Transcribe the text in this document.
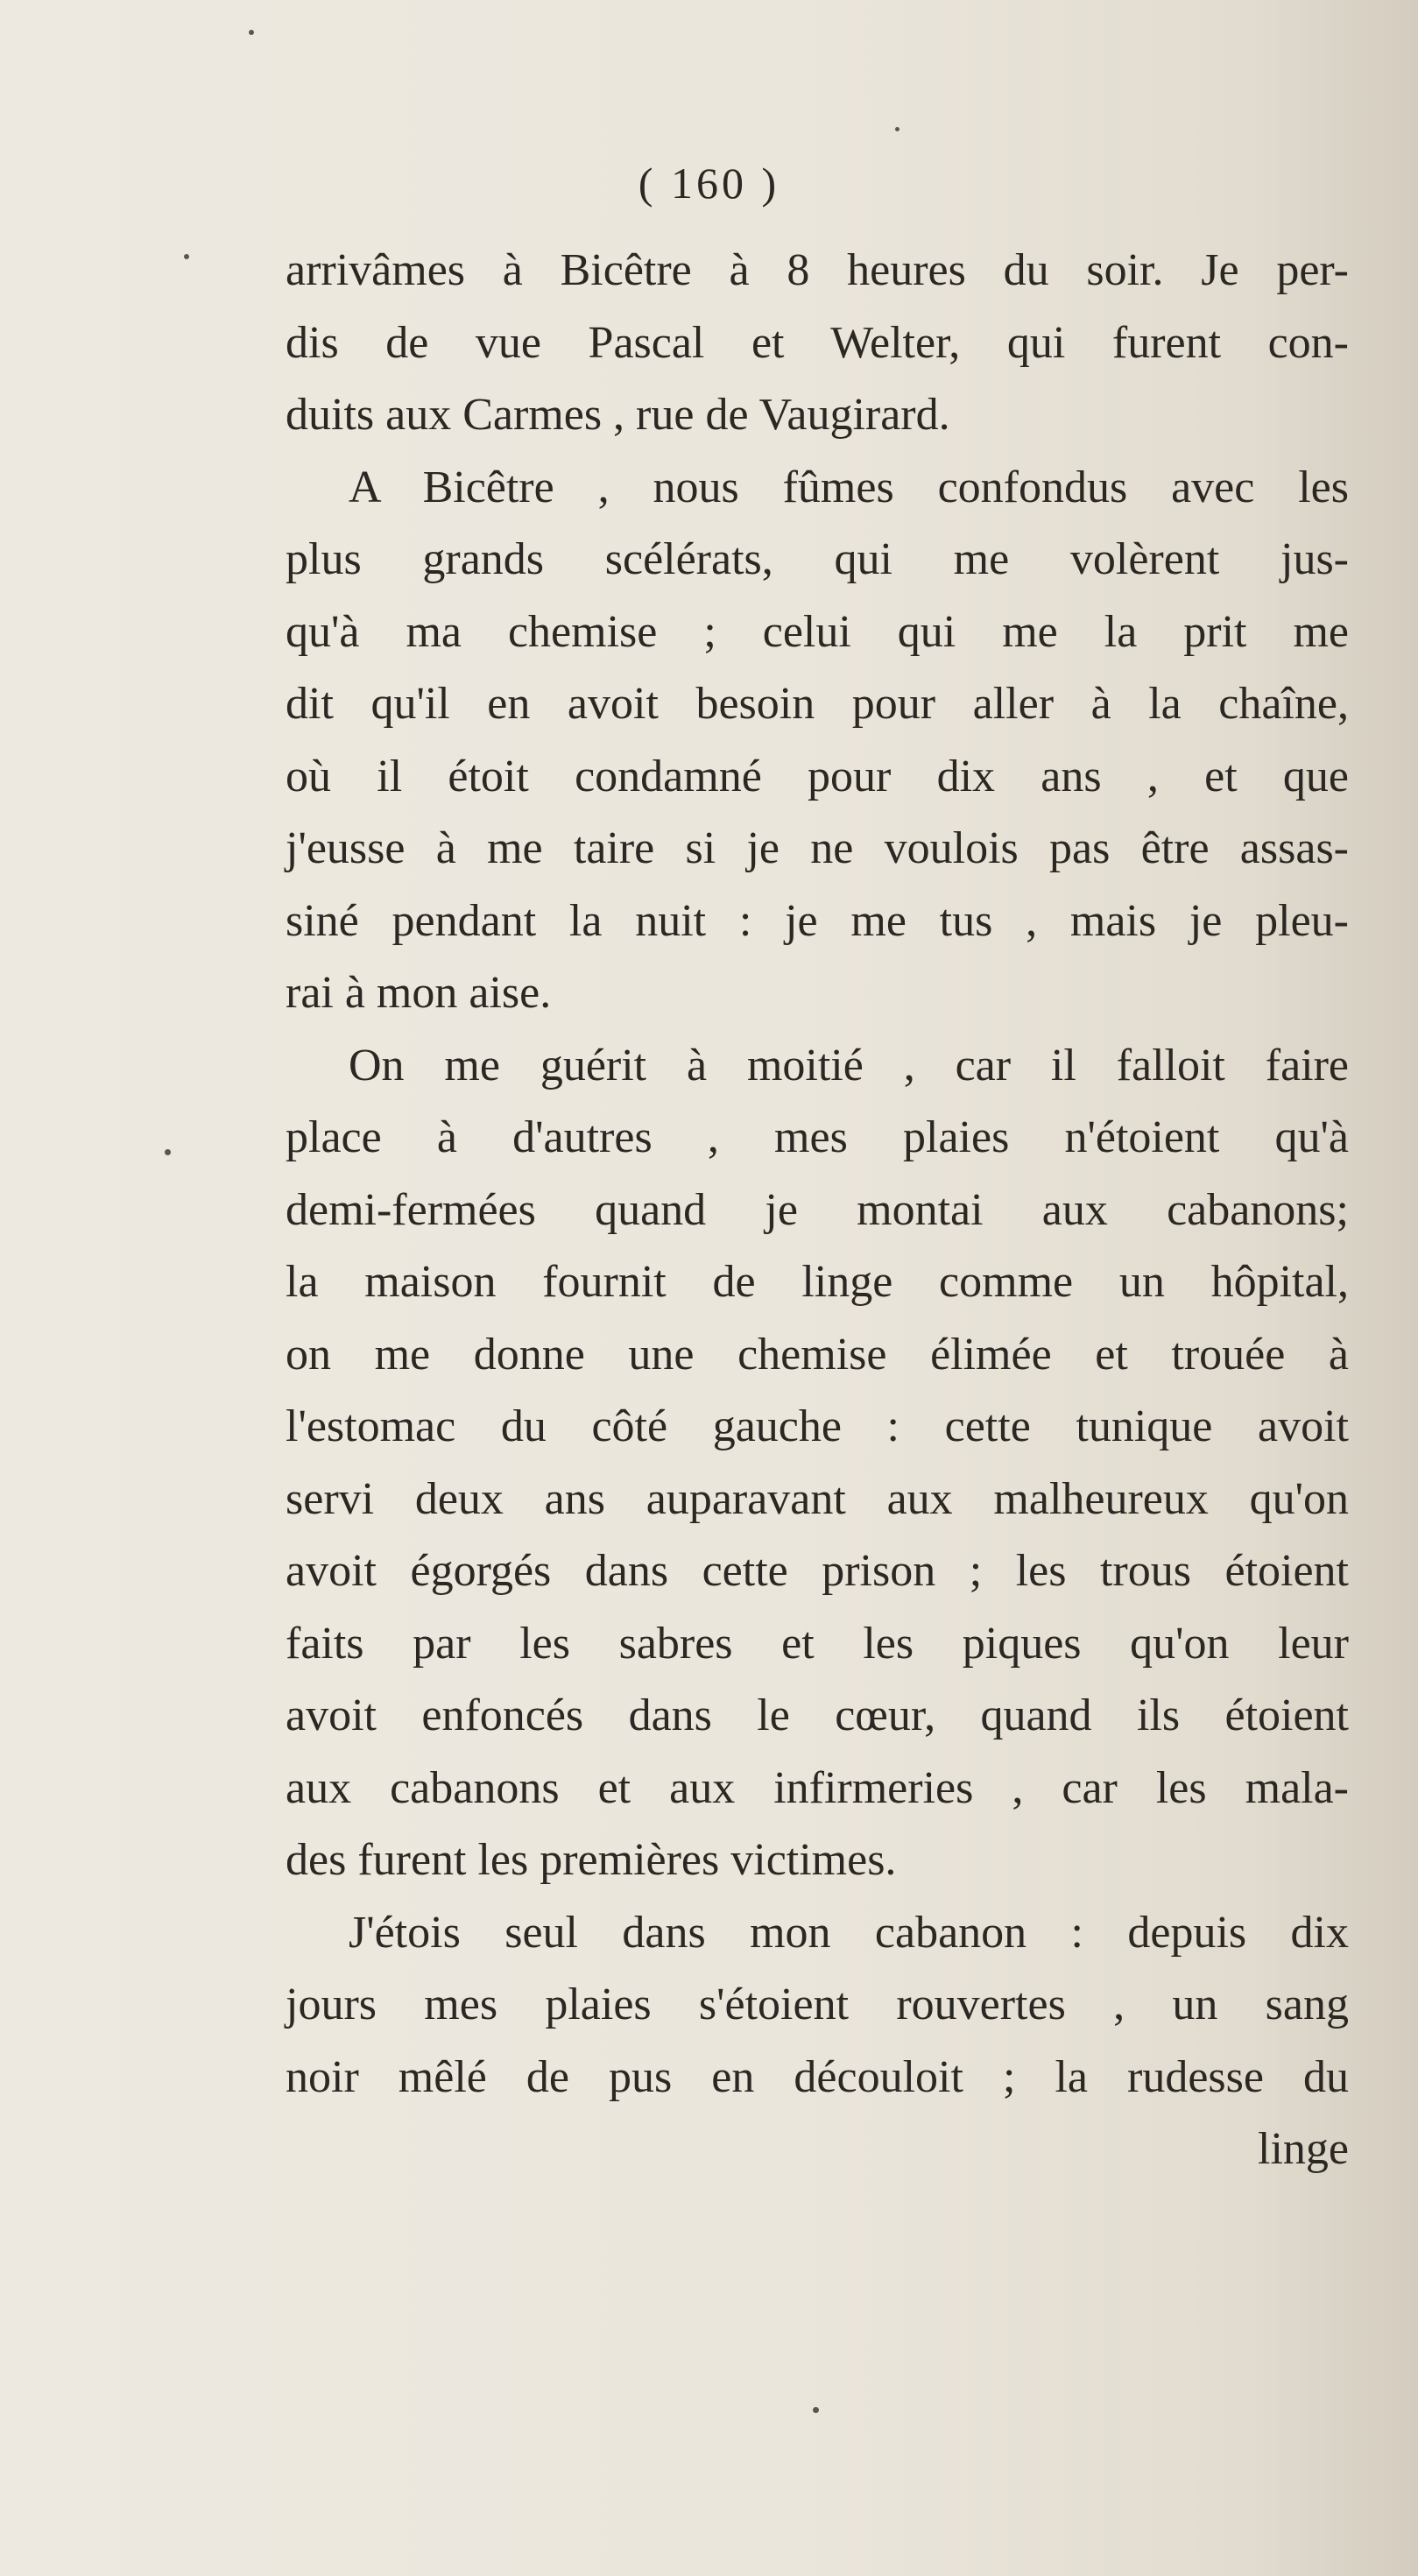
( 160 )
arrivâmes à Bicêtre à 8 heures du soir. Je per-
dis de vue Pascal et Welter, qui furent con-
duits aux Carmes , rue de Vaugirard.
A Bicêtre , nous fûmes confondus avec les
plus grands scélérats, qui me volèrent jus-
qu'à ma chemise ; celui qui me la prit me
dit qu'il en avoit besoin pour aller à la chaîne,
où il étoit condamné pour dix ans , et que
j'eusse à me taire si je ne voulois pas être assas-
siné pendant la nuit : je me tus , mais je pleu-
rai à mon aise.
On me guérit à moitié , car il falloit faire
place à d'autres , mes plaies n'étoient qu'à
demi-fermées quand je montai aux cabanons;
la maison fournit de linge comme un hôpital,
on me donne une chemise élimée et trouée à
l'estomac du côté gauche : cette tunique avoit
servi deux ans auparavant aux malheureux qu'on
avoit égorgés dans cette prison ; les trous étoient
faits par les sabres et les piques qu'on leur
avoit enfoncés dans le cœur, quand ils étoient
aux cabanons et aux infirmeries , car les mala-
des furent les premières victimes.
J'étois seul dans mon cabanon : depuis dix
jours mes plaies s'étoient rouvertes , un sang
noir mêlé de pus en découloit ; la rudesse du
linge
